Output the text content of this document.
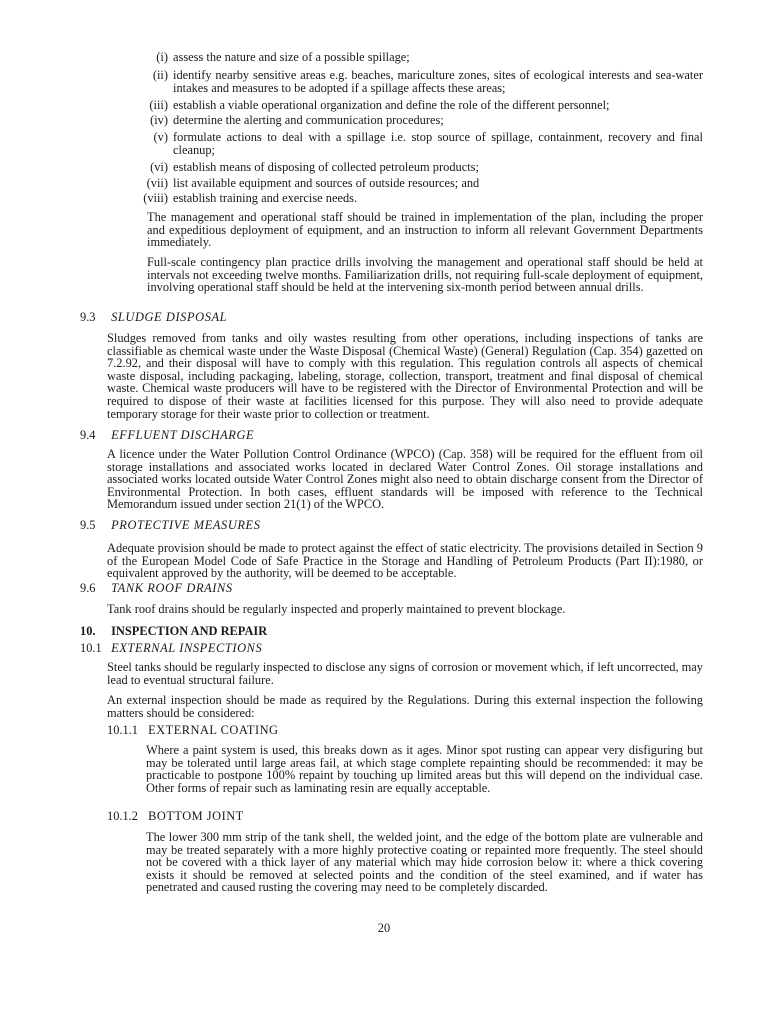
(i) assess the nature and size of a possible spillage;

(ii) identify nearby sensitive areas e.g. beaches, mariculture zones, sites of ecological interests and sea-water intakes and measures to be adopted if a spillage affects these areas;

(iii) establish a viable operational organization and define the role of the different personnel;

(iv) determine the alerting and communication procedures;

(v) formulate actions to deal with a spillage i.e. stop source of spillage, containment, recovery and final cleanup;

(vi) establish means of disposing of collected petroleum products;

(vii) list available equipment and sources of outside resources; and

(viii) establish training and exercise needs.

The management and operational staff should be trained in implementation of the plan, including the proper and expeditious deployment of equipment, and an instruction to inform all relevant Government Departments immediately.

Full-scale contingency plan practice drills involving the management and operational staff should be held at intervals not exceeding twelve months. Familiarization drills, not requiring full-scale deployment of equipment, involving operational staff should be held at the intervening six-month period between annual drills.

9.3 SLUDGE DISPOSAL

Sludges removed from tanks and oily wastes resulting from other operations, including inspections of tanks are classifiable as chemical waste under the Waste Disposal (Chemical Waste) (General) Regulation (Cap. 354) gazetted on 7.2.92, and their disposal will have to comply with this regulation. This regulation controls all aspects of chemical waste disposal, including packaging, labeling, storage, collection, transport, treatment and final disposal of chemical waste. Chemical waste producers will have to be registered with the Director of Environmental Protection and will be required to dispose of their waste at facilities licensed for this purpose. They will also need to provide adequate temporary storage for their waste prior to collection or treatment.

9.4 EFFLUENT DISCHARGE

A licence under the Water Pollution Control Ordinance (WPCO) (Cap. 358) will be required for the effluent from oil storage installations and associated works located in declared Water Control Zones. Oil storage installations and associated works located outside Water Control Zones might also need to obtain discharge consent from the Director of Environmental Protection. In both cases, effluent standards will be imposed with reference to the Technical Memorandum issued under section 21(1) of the WPCO.

9.5 PROTECTIVE MEASURES

Adequate provision should be made to protect against the effect of static electricity. The provisions detailed in Section 9 of the European Model Code of Safe Practice in the Storage and Handling of Petroleum Products (Part II):1980, or equivalent approved by the authority, will be deemed to be acceptable.

9.6 TANK ROOF DRAINS

Tank roof drains should be regularly inspected and properly maintained to prevent blockage.

10. INSPECTION AND REPAIR
10.1 EXTERNAL INSPECTIONS

Steel tanks should be regularly inspected to disclose any signs of corrosion or movement which, if left uncorrected, may lead to eventual structural failure.

An external inspection should be made as required by the Regulations. During this external inspection the following matters should be considered:

10.1.1 EXTERNAL COATING

Where a paint system is used, this breaks down as it ages. Minor spot rusting can appear very disfiguring but may be tolerated until large areas fail, at which stage complete repainting should be recommended: it may be practicable to postpone 100% repaint by touching up limited areas but this will depend on the individual case. Other forms of repair such as laminating resin are equally acceptable.

10.1.2 BOTTOM JOINT

The lower 300 mm strip of the tank shell, the welded joint, and the edge of the bottom plate are vulnerable and may be treated separately with a more highly protective coating or repainted more frequently. The steel should not be covered with a thick layer of any material which may hide corrosion below it: where a thick covering exists it should be removed at selected points and the condition of the steel examined, and if water has penetrated and caused rusting the covering may need to be completely discarded.

20
